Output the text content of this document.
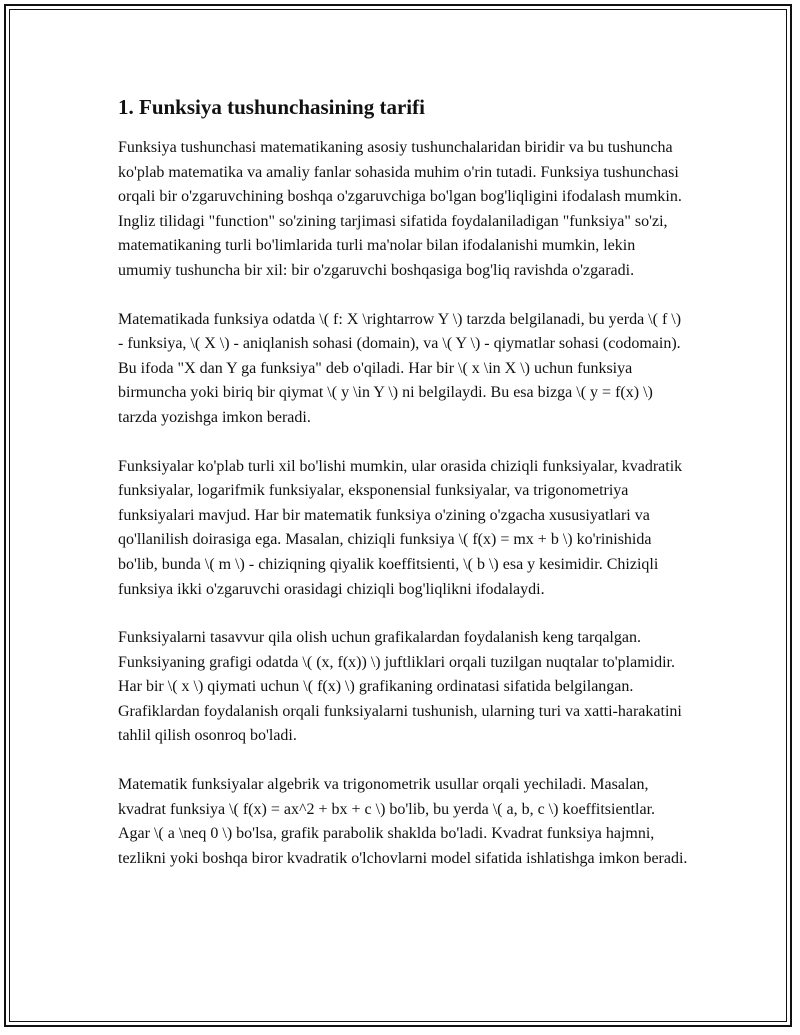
1. Funksiya tushunchasining tarifi

Funksiya tushunchasi matematikaning asosiy tushunchalaridan biridir va bu tushuncha ko'plab matematika va amaliy fanlar sohasida muhim o'rin tutadi. Funksiya tushunchasi orqali bir o'zgaruvchining boshqa o'zgaruvchiga bo'lgan bog'liqligini ifodalash mumkin. Ingliz tilidagi "function" so'zining tarjimasi sifatida foydalaniladigan "funksiya" so'zi, matematikaning turli bo'limlarida turli ma'nolar bilan ifodalanishi mumkin, lekin umumiy tushuncha bir xil: bir o'zgaruvchi boshqasiga bog'liq ravishda o'zgaradi.

Matematikada funksiya odatda \( f: X \rightarrow Y \) tarzda belgilanadi, bu yerda \( f \) - funksiya, \( X \) - aniqlanish sohasi (domain), va \( Y \) - qiymatlar sohasi (codomain). Bu ifoda "X dan Y ga funksiya" deb o'qiladi. Har bir \( x \in X \) uchun funksiya birmuncha yoki biriq bir qiymat \( y \in Y \) ni belgilaydi. Bu esa bizga \( y = f(x) \) tarzda yozishga imkon beradi.

Funksiyalar ko'plab turli xil bo'lishi mumkin, ular orasida chiziqli funksiyalar, kvadratik funksiyalar, logarifmik funksiyalar, eksponensial funksiyalar, va trigonometriya funksiyalari mavjud. Har bir matematik funksiya o'zining o'zgacha xususiyatlari va qo'llanilish doirasiga ega. Masalan, chiziqli funksiya \( f(x) = mx + b \) ko'rinishida bo'lib, bunda \( m \) - chiziqning qiyalik koeffitsienti, \( b \) esa y kesimidir. Chiziqli funksiya ikki o'zgaruvchi orasidagi chiziqli bog'liqlikni ifodalaydi.

Funksiyalarni tasavvur qila olish uchun grafikalardan foydalanish keng tarqalgan. Funksiyaning grafigi odatda \( (x, f(x)) \) juftliklari orqali tuzilgan nuqtalar to'plamidir. Har bir \( x \) qiymati uchun \( f(x) \) grafikaning ordinatasi sifatida belgilangan. Grafiklardan foydalanish orqali funksiyalarni tushunish, ularning turi va xatti-harakatini tahlil qilish osonroq bo'ladi.

Matematik funksiyalar algebrik va trigonometrik usullar orqali yechiladi. Masalan, kvadrat funksiya \( f(x) = ax^2 + bx + c \) bo'lib, bu yerda \( a, b, c \) koeffitsientlar. Agar \( a \neq 0 \) bo'lsa, grafik parabolik shaklda bo'ladi. Kvadrat funksiya hajmni, tezlikni yoki boshqa biror kvadratik o'lchovlarni model sifatida ishlatishga imkon beradi.
